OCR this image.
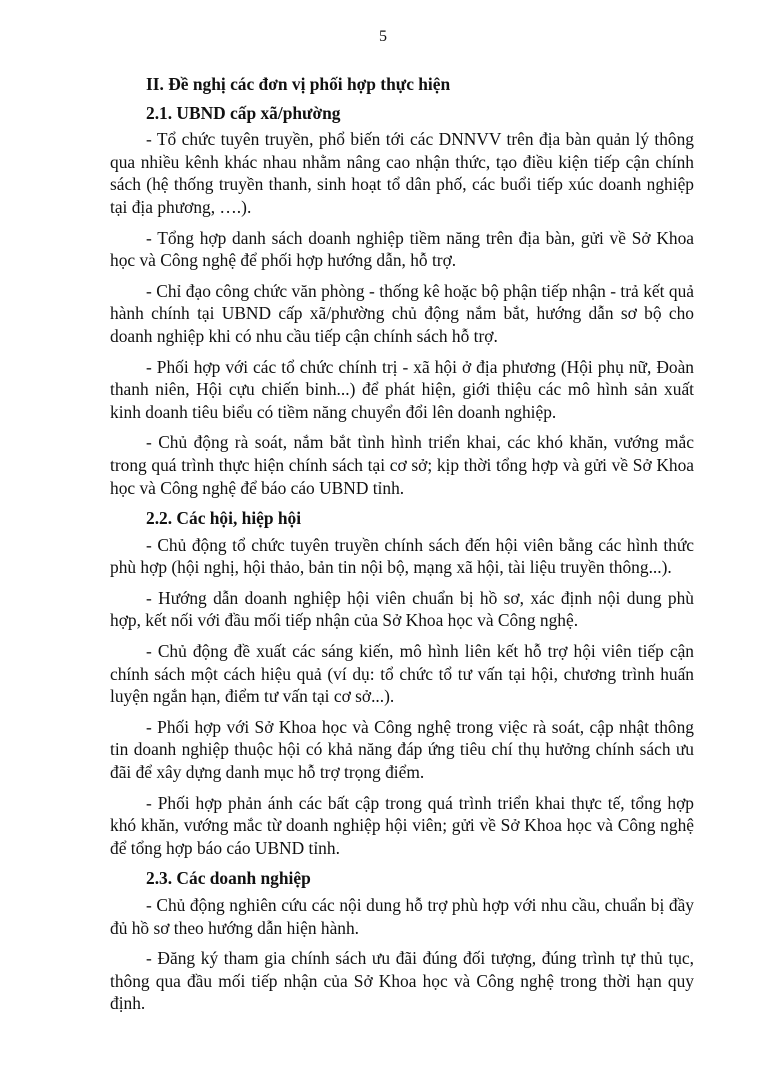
5

II. Đề nghị các đơn vị phối hợp thực hiện

2.1. UBND cấp xã/phường

- Tổ chức tuyên truyền, phổ biến tới các DNNVV trên địa bàn quản lý thông qua nhiều kênh khác nhau nhằm nâng cao nhận thức, tạo điều kiện tiếp cận chính sách (hệ thống truyền thanh, sinh hoạt tổ dân phố, các buổi tiếp xúc doanh nghiệp tại địa phương, ….).

- Tổng hợp danh sách doanh nghiệp tiềm năng trên địa bàn, gửi về Sở Khoa học và Công nghệ để phối hợp hướng dẫn, hỗ trợ.

- Chỉ đạo công chức văn phòng - thống kê hoặc bộ phận tiếp nhận - trả kết quả hành chính tại UBND cấp xã/phường chủ động nắm bắt, hướng dẫn sơ bộ cho doanh nghiệp khi có nhu cầu tiếp cận chính sách hỗ trợ.

- Phối hợp với các tổ chức chính trị - xã hội ở địa phương (Hội phụ nữ, Đoàn thanh niên, Hội cựu chiến binh...) để phát hiện, giới thiệu các mô hình sản xuất kinh doanh tiêu biểu có tiềm năng chuyển đổi lên doanh nghiệp.

- Chủ động rà soát, nắm bắt tình hình triển khai, các khó khăn, vướng mắc trong quá trình thực hiện chính sách tại cơ sở; kịp thời tổng hợp và gửi về Sở Khoa học và Công nghệ để báo cáo UBND tỉnh.

2.2. Các hội, hiệp hội

- Chủ động tổ chức tuyên truyền chính sách đến hội viên bằng các hình thức phù hợp (hội nghị, hội thảo, bản tin nội bộ, mạng xã hội, tài liệu truyền thông...).

- Hướng dẫn doanh nghiệp hội viên chuẩn bị hồ sơ, xác định nội dung phù hợp, kết nối với đầu mối tiếp nhận của Sở Khoa học và Công nghệ.

- Chủ động đề xuất các sáng kiến, mô hình liên kết hỗ trợ hội viên tiếp cận chính sách một cách hiệu quả (ví dụ: tổ chức tổ tư vấn tại hội, chương trình huấn luyện ngắn hạn, điểm tư vấn tại cơ sở...).

- Phối hợp với Sở Khoa học và Công nghệ trong việc rà soát, cập nhật thông tin doanh nghiệp thuộc hội có khả năng đáp ứng tiêu chí thụ hưởng chính sách ưu đãi để xây dựng danh mục hỗ trợ trọng điểm.

- Phối hợp phản ánh các bất cập trong quá trình triển khai thực tế, tổng hợp khó khăn, vướng mắc từ doanh nghiệp hội viên; gửi về Sở Khoa học và Công nghệ để tổng hợp báo cáo UBND tỉnh.

2.3. Các doanh nghiệp

- Chủ động nghiên cứu các nội dung hỗ trợ phù hợp với nhu cầu, chuẩn bị đầy đủ hồ sơ theo hướng dẫn hiện hành.

- Đăng ký tham gia chính sách ưu đãi đúng đối tượng, đúng trình tự thủ tục, thông qua đầu mối tiếp nhận của Sở Khoa học và Công nghệ trong thời hạn quy định.
